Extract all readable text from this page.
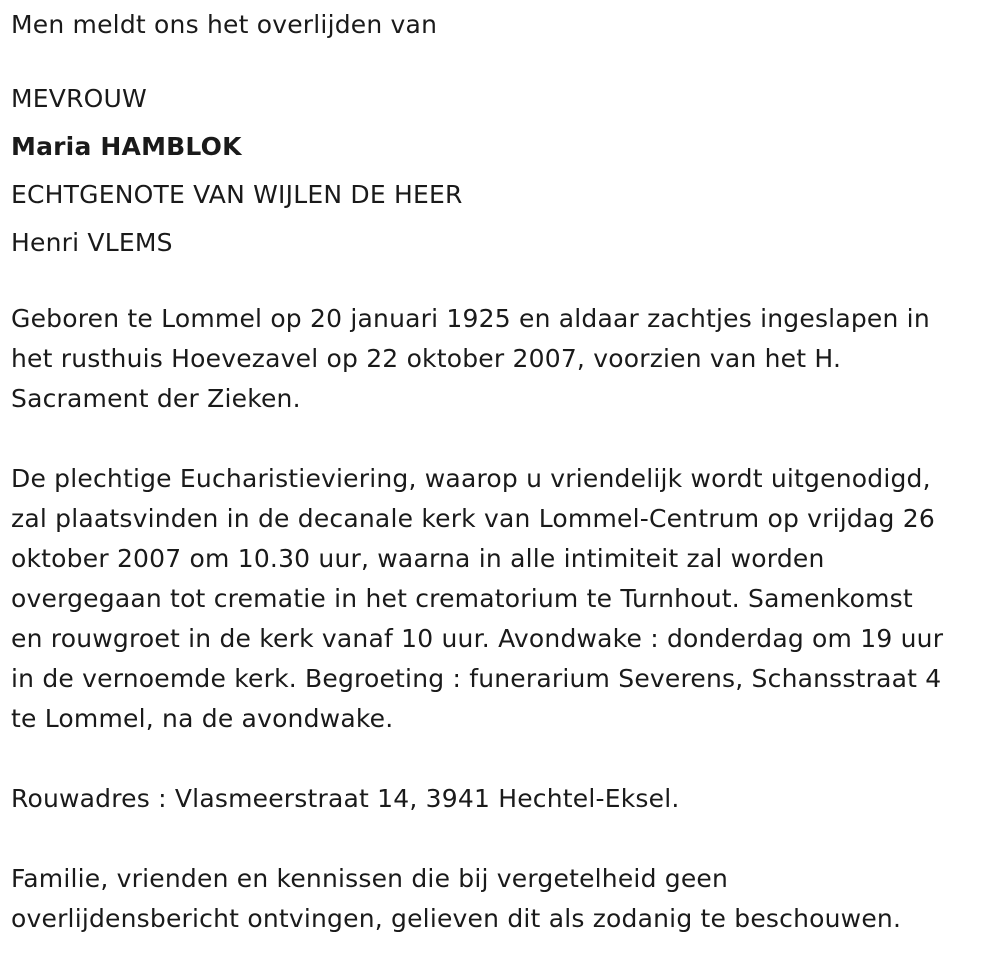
Men meldt ons het overlijden van
MEVROUW
Maria HAMBLOK
ECHTGENOTE VAN WIJLEN DE HEER
Henri VLEMS
Geboren te Lommel op 20 januari 1925 en aldaar zachtjes ingeslapen in
het rusthuis Hoevezavel op 22 oktober 2007, voorzien van het H.
Sacrament der Zieken.
De plechtige Eucharistieviering, waarop u vriendelijk wordt uitgenodigd,
zal plaatsvinden in de decanale kerk van Lommel-Centrum op vrijdag 26
oktober 2007 om 10.30 uur, waarna in alle intimiteit zal worden
overgegaan tot crematie in het crematorium te Turnhout. Samenkomst
en rouwgroet in de kerk vanaf 10 uur. Avondwake : donderdag om 19 uur
in de vernoemde kerk. Begroeting : funerarium Severens, Schansstraat 4
te Lommel, na de avondwake.
Rouwadres : Vlasmeerstraat 14, 3941 Hechtel-Eksel.
Familie, vrienden en kennissen die bij vergetelheid geen
overlijdensbericht ontvingen, gelieven dit als zodanig te beschouwen.
